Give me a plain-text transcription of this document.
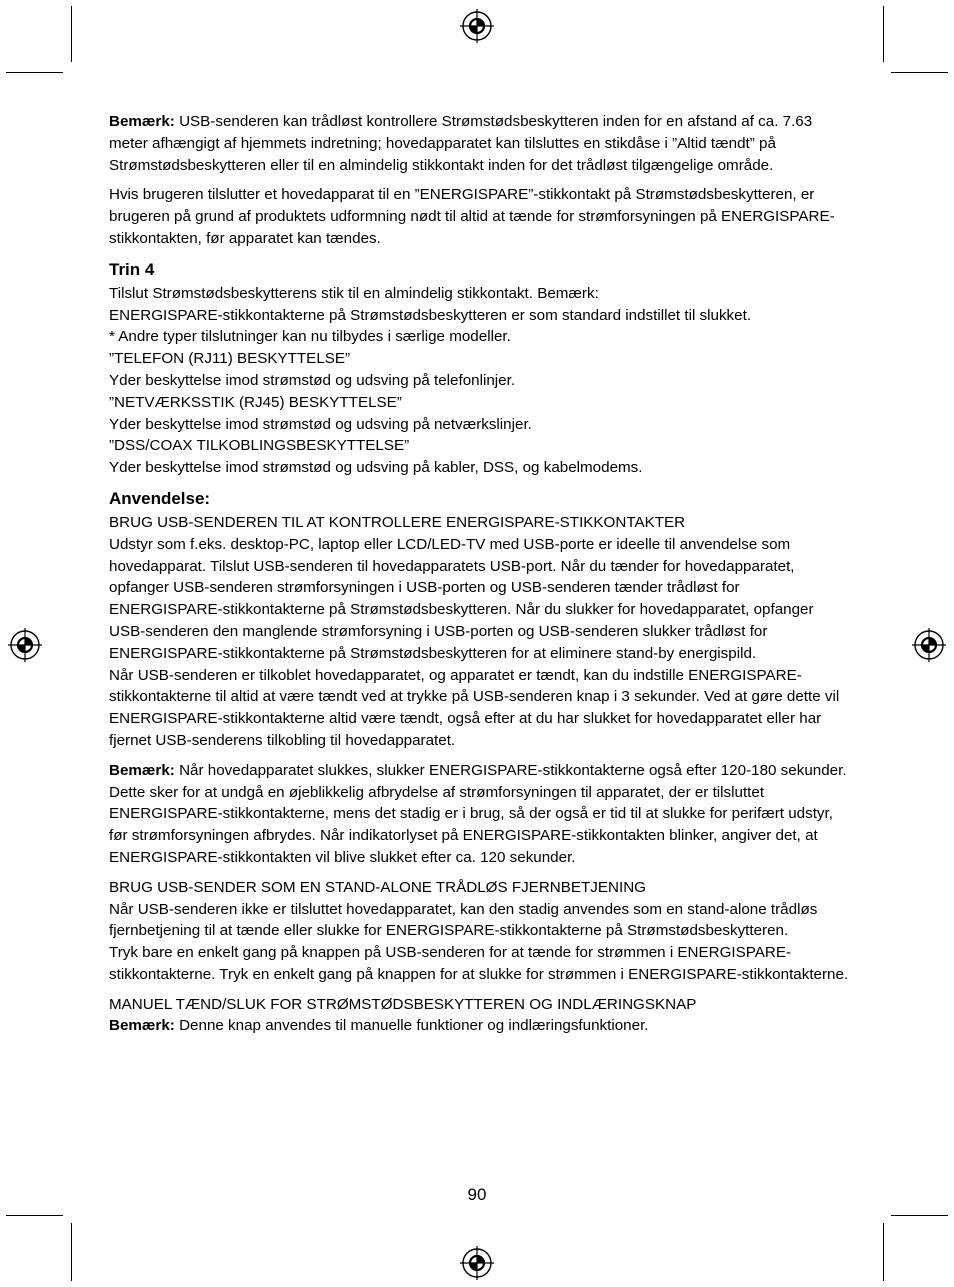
Bemærk: USB-senderen kan trådløst kontrollere Strømstødsbeskytteren inden for en afstand af ca. 7.63 meter afhængigt af hjemmets indretning; hovedapparatet kan tilsluttes en stikdåse i ”Altid tændt” på Strømstødsbeskytteren eller til en almindelig stikkontakt inden for det trådløst tilgængelige område.

Hvis brugeren tilslutter et hovedapparat til en ”ENERGISPARE”-stikkontakt på Strømstødsbeskytteren, er brugeren på grund af produktets udformning nødt til altid at tænde for strømforsyningen på ENERGISPARE-stikkontakten, før apparatet kan tændes.

Trin 4

Tilslut Strømstødsbeskytterens stik til en almindelig stikkontakt. Bemærk:

ENERGISPARE-stikkontakterne på Strømstødsbeskytteren er som standard indstillet til slukket.

* Andre typer tilslutninger kan nu tilbydes i særlige modeller.

”TELEFON (RJ11) BESKYTTELSE”

Yder beskyttelse imod strømstød og udsving på telefonlinjer.

”NETVÆRKSSTIK (RJ45) BESKYTTELSE”

Yder beskyttelse imod strømstød og udsving på netværkslinjer.

”DSS/COAX TILKOBLINGSBESKYTTELSE”

Yder beskyttelse imod strømstød og udsving på kabler, DSS, og kabelmodems.

Anvendelse:

BRUG USB-SENDEREN TIL AT KONTROLLERE ENERGISPARE-STIKKONTAKTER

Udstyr som f.eks. desktop-PC, laptop eller LCD/LED-TV med USB-porte er ideelle til anvendelse som hovedapparat. Tilslut USB-senderen til hovedapparatets USB-port. Når du tænder for hovedapparatet, opfanger USB-senderen strømforsyningen i USB-porten og USB-senderen tænder trådløst for ENERGISPARE-stikkontakterne på Strømstødsbeskytteren. Når du slukker for hovedapparatet, opfanger USB-senderen den manglende strømforsyning i USB-porten og USB-senderen slukker trådløst for ENERGISPARE-stikkontakterne på Strømstødsbeskytteren for at eliminere stand-by energispild.

Når USB-senderen er tilkoblet hovedapparatet, og apparatet er tændt, kan du indstille ENERGISPARE-stikkontakterne til altid at være tændt ved at trykke på USB-senderen knap i 3 sekunder. Ved at gøre dette vil ENERGISPARE-stikkontakterne altid være tændt, også efter at du har slukket for hovedapparatet eller har fjernet USB-senderens tilkobling til hovedapparatet.

Bemærk: Når hovedapparatet slukkes, slukker ENERGISPARE-stikkontakterne også efter 120-180 sekunder. Dette sker for at undgå en øjeblikkelig afbrydelse af strømforsyningen til apparatet, der er tilsluttet ENERGISPARE-stikkontakterne, mens det stadig er i brug, så der også er tid til at slukke for perifært udstyr, før strømforsyningen afbrydes. Når indikatorlyset på ENERGISPARE-stikkontakten blinker, angiver det, at ENERGISPARE-stikkontakten vil blive slukket efter ca. 120 sekunder.

BRUG USB-SENDER SOM EN STAND-ALONE TRÅDLØS FJERNBETJENING

Når USB-senderen ikke er tilsluttet hovedapparatet, kan den stadig anvendes som en stand-alone trådløs fjernbetjening til at tænde eller slukke for ENERGISPARE-stikkontakterne på Strømstødsbeskytteren.

Tryk bare en enkelt gang på knappen på USB-senderen for at tænde for strømmen i ENERGISPARE-stikkontakterne. Tryk en enkelt gang på knappen for at slukke for strømmen i ENERGISPARE-stikkontakterne.

MANUEL TÆND/SLUK FOR STRØMSTØDSBESKYTTEREN OG INDLÆRINGSKNAP

Bemærk: Denne knap anvendes til manuelle funktioner og indlæringsfunktioner.

90
